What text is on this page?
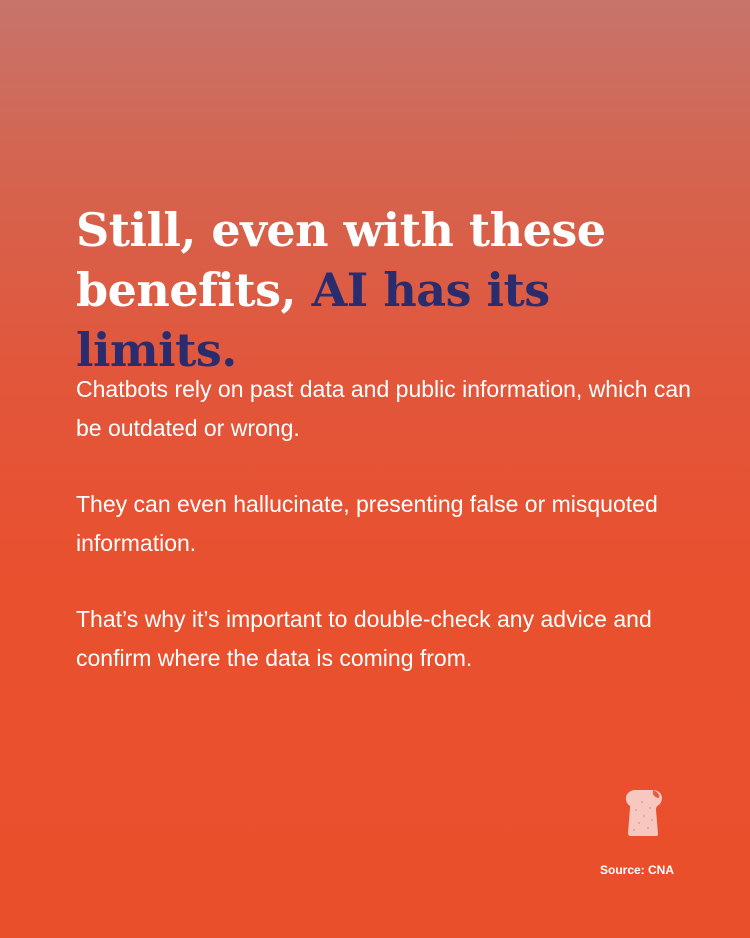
Still, even with these benefits, AI has its limits.

Chatbots rely on past data and public information, which can be outdated or wrong.

They can even hallucinate, presenting false or misquoted information.

That’s why it’s important to double-check any advice and confirm where the data is coming from.

Source: CNA
